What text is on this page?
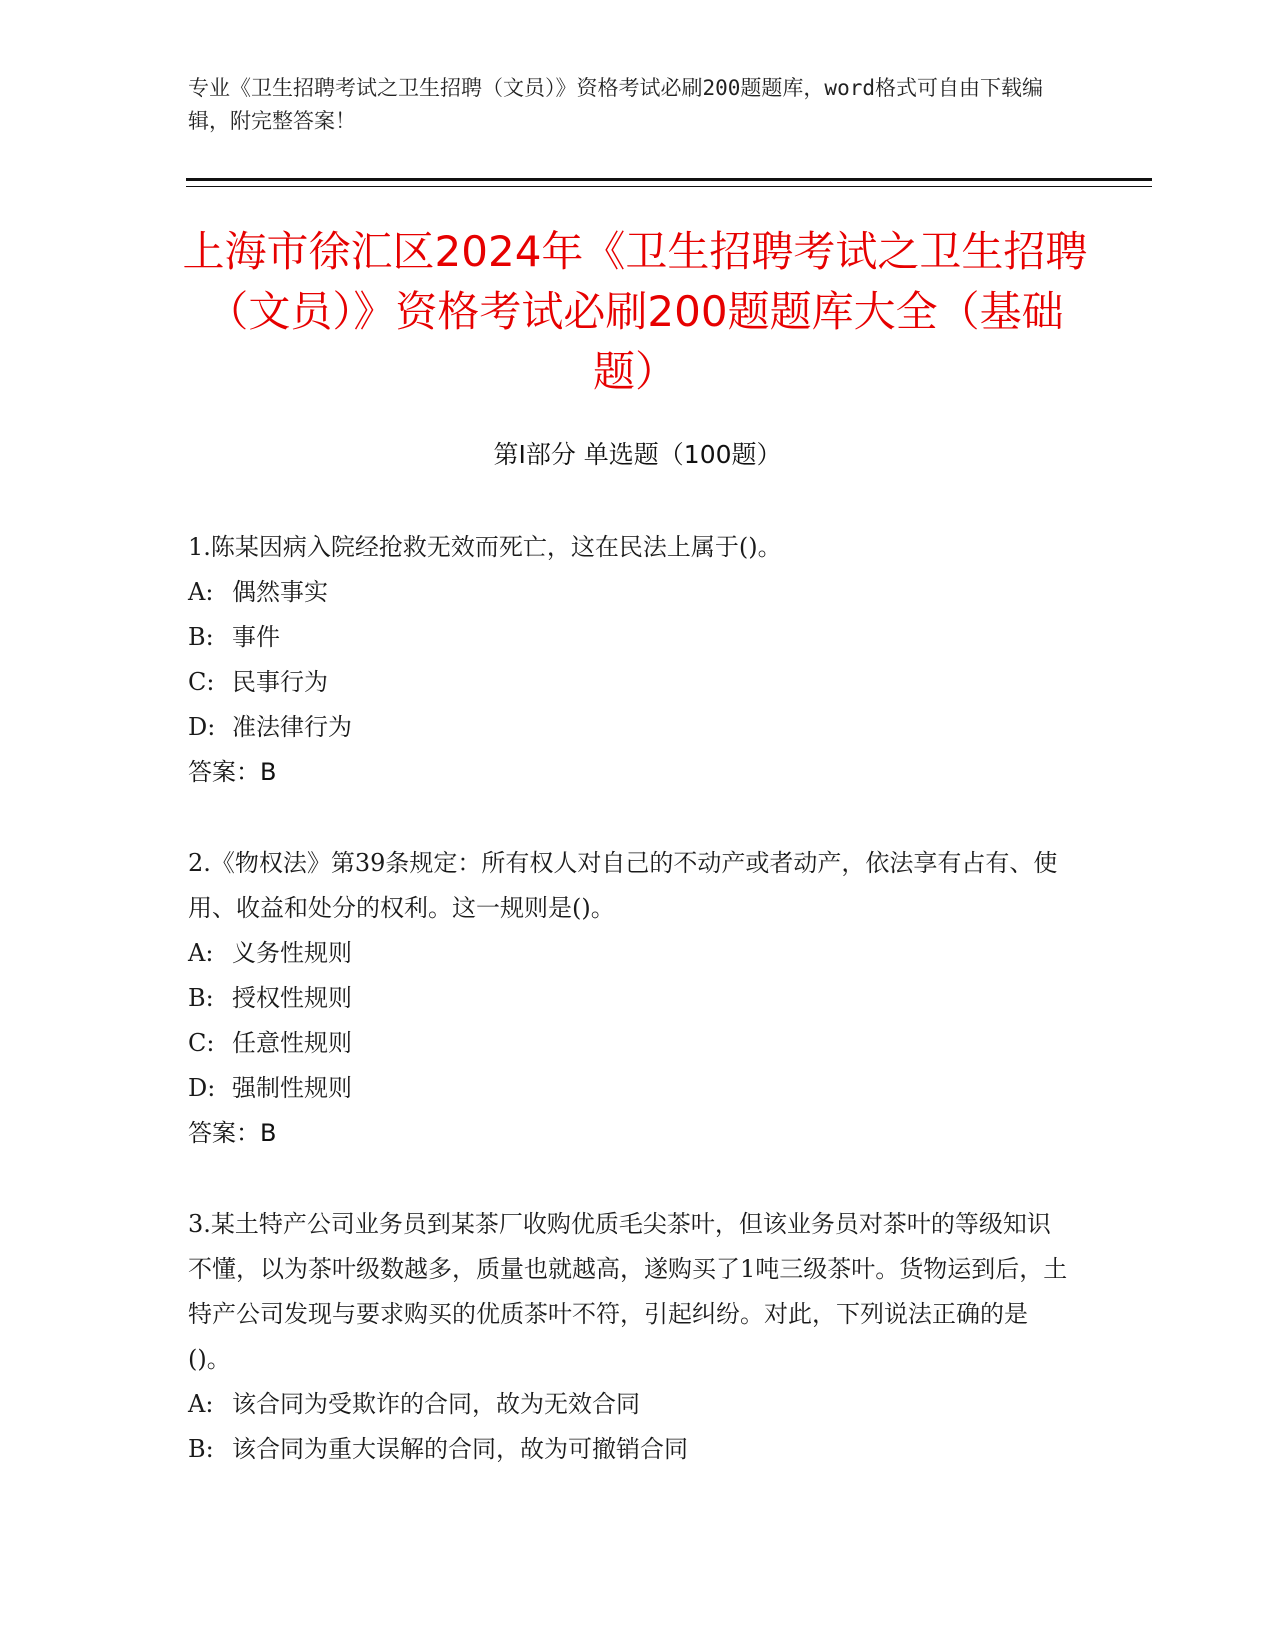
专业《卫生招聘考试之卫生招聘（文员）》资格考试必刷200题题库，word格式可自由下载编辑，附完整答案！
上海市徐汇区2024年《卫生招聘考试之卫生招聘（文员）》资格考试必刷200题题库大全（基础题）
第I部分 单选题（100题）
1.陈某因病入院经抢救无效而死亡，这在民法上属于()。
A: 偶然事实
B: 事件
C: 民事行为
D: 准法律行为
答案：B
2.《物权法》第39条规定：所有权人对自己的不动产或者动产，依法享有占有、使用、收益和处分的权利。这一规则是()。
A: 义务性规则
B: 授权性规则
C: 任意性规则
D: 强制性规则
答案：B
3.某土特产公司业务员到某茶厂收购优质毛尖茶叶，但该业务员对茶叶的等级知识不懂，以为茶叶级数越多，质量也就越高，遂购买了1吨三级茶叶。货物运到后，土特产公司发现与要求购买的优质茶叶不符，引起纠纷。对此，下列说法正确的是()。
A: 该合同为受欺诈的合同，故为无效合同
B: 该合同为重大误解的合同，故为可撤销合同
